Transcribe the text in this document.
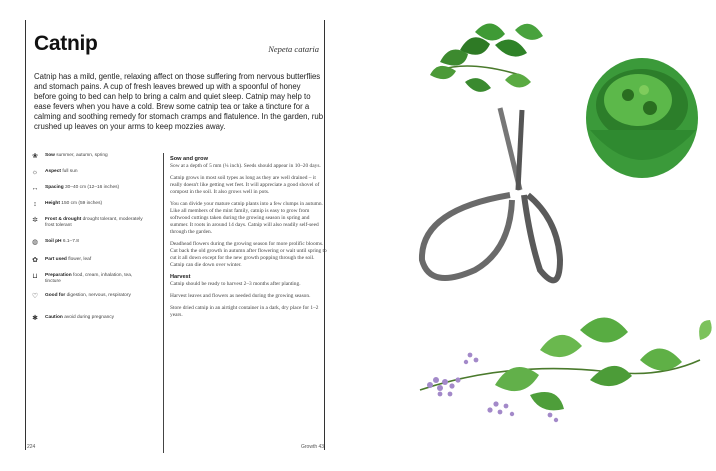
Catnip	Nepeta cataria

Catnip has a mild, gentle, relaxing affect on those suffering from nervous butterflies and stomach pains. A cup of fresh leaves brewed up with a spoonful of honey before going to bed can help to bring a calm and quiet sleep. Catnip may help to ease fevers when you have a cold. Brew some catnip tea or take a tincture for a calming and soothing remedy for stomach cramps and flatulence. In the garden, rub crushed up leaves on your arms to keep mozzies away.

❀	Sow summer, autumn, spring
☼	Aspect full sun
↔	Spacing 30–40 cm (12–16 inches)
↕	Height 150 cm (59 inches)
✲	Frost & drought drought tolerant, moderately frost tolerant
◍	Soil pH 6.1–7.8
✿	Part used flower, leaf
⊔	Preparation food, cream, inhalation, tea, tincture
♡	Good for digestion, nervous, respiratory
✱	Caution avoid during pregnancy
Sow and grow

Sow at a depth of 5 mm (¼ inch). Seeds should appear in 10–20 days.

Catnip grows in most soil types as long as they are well drained – it really doesn't like getting wet feet. It will appreciate a good shovel of compost in the soil. It also grows well in pots.

You can divide your mature catnip plants into a few clumps in autumn. Like all members of the mint family, catnip is easy to grow from softwood cuttings taken during the growing season in spring and summer. It roots in around 14 days. Catnip will also readily self-seed through the garden.

Deadhead flowers during the growing season for more prolific blooms. Cut back the old growth in autumn after flowering or wait until spring to cut it all down except for the new growth popping through the soil. Catnip can die down over winter.

Harvest

Catnip should be ready to harvest 2–3 months after planting.

Harvest leaves and flowers as needed during the growing season.

Store dried catnip in an airtight container in a dark, dry place for 1–2 years.

224	Growth 43
